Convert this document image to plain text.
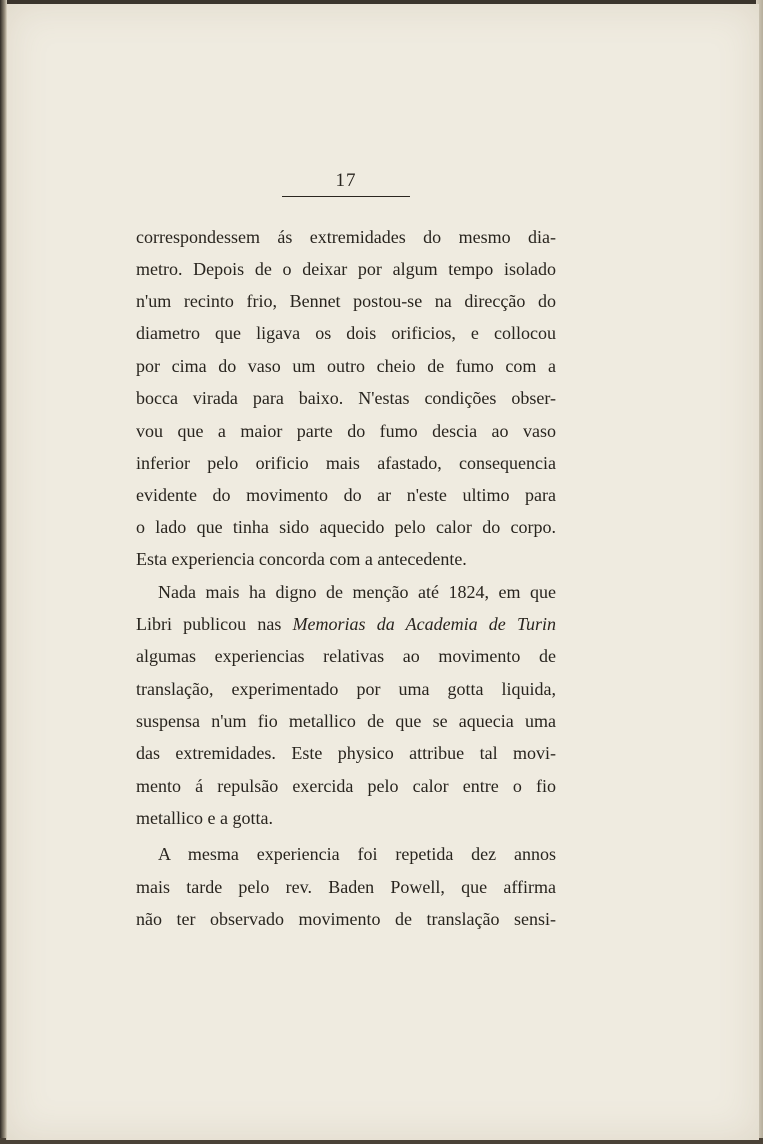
17
correspondessem ás extremidades do mesmo dia-
metro. Depois de o deixar por algum tempo isolado
n'um recinto frio, Bennet postou-se na direcção do
diametro que ligava os dois orificios, e collocou
por cima do vaso um outro cheio de fumo com a
bocca virada para baixo. N'estas condições obser-
vou que a maior parte do fumo descia ao vaso
inferior pelo orificio mais afastado, consequencia
evidente do movimento do ar n'este ultimo para
o lado que tinha sido aquecido pelo calor do corpo.
Esta experiencia concorda com a antecedente.
Nada mais ha digno de menção até 1824, em que
Libri publicou nas Memorias da Academia de Turin
algumas experiencias relativas ao movimento de
translação, experimentado por uma gotta liquida,
suspensa n'um fio metallico de que se aquecia uma
das extremidades. Este physico attribue tal movi-
mento á repulsão exercida pelo calor entre o fio
metallico e a gotta.
A mesma experiencia foi repetida dez annos
mais tarde pelo rev. Baden Powell, que affirma
não ter observado movimento de translação sensi-
